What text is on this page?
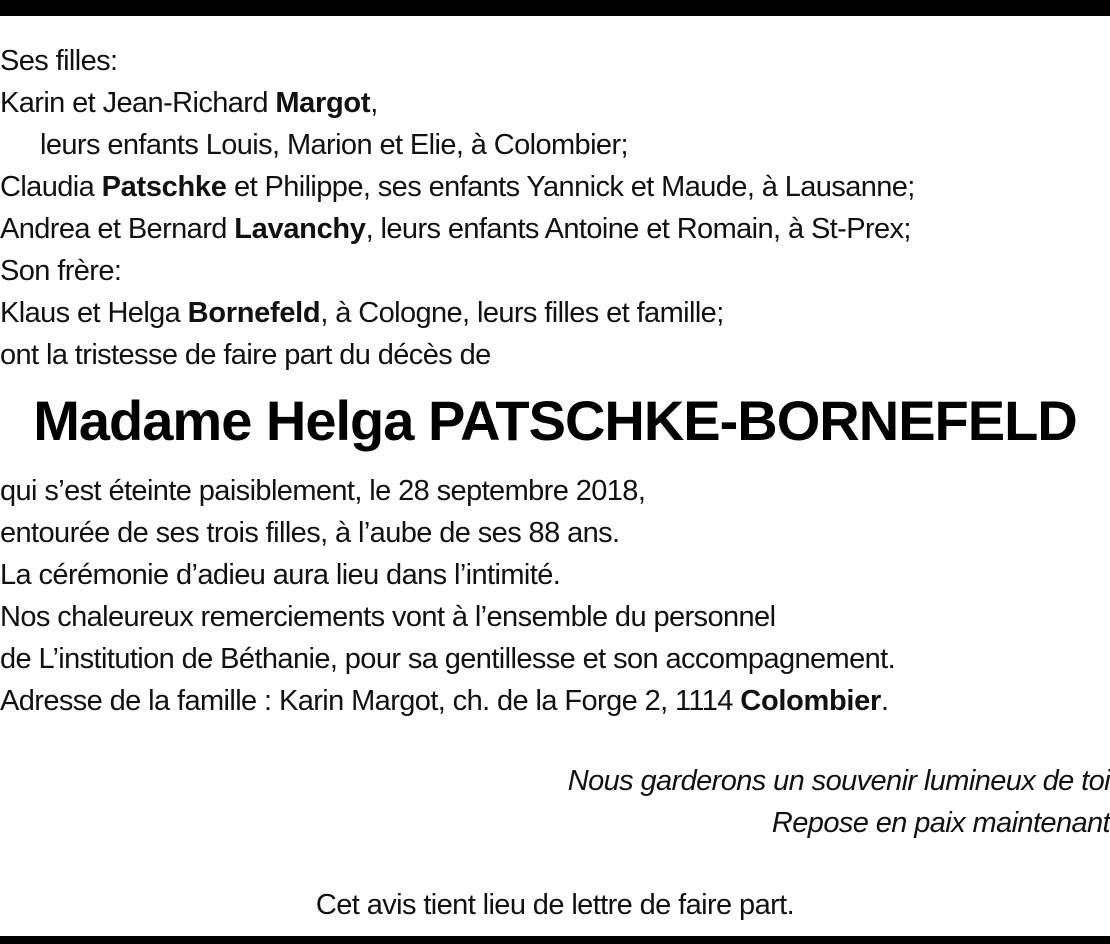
Ses filles:
Karin et Jean-Richard Margot,
leurs enfants Louis, Marion et Elie, à Colombier;
Claudia Patschke et Philippe, ses enfants Yannick et Maude, à Lausanne;
Andrea et Bernard Lavanchy, leurs enfants Antoine et Romain, à St-Prex;
Son frère:
Klaus et Helga Bornefeld, à Cologne, leurs filles et famille;
ont la tristesse de faire part du décès de
Madame Helga PATSCHKE-BORNEFELD
qui s’est éteinte paisiblement, le 28 septembre 2018,
entourée de ses trois filles, à l’aube de ses 88 ans.
La cérémonie d’adieu aura lieu dans l’intimité.
Nos chaleureux remerciements vont à l’ensemble du personnel
de L’institution de Béthanie, pour sa gentillesse et son accompagnement.
Adresse de la famille : Karin Margot, ch. de la Forge 2, 1114 Colombier.
Nous garderons un souvenir lumineux de toi
Repose en paix maintenant
Cet avis tient lieu de lettre de faire part.
